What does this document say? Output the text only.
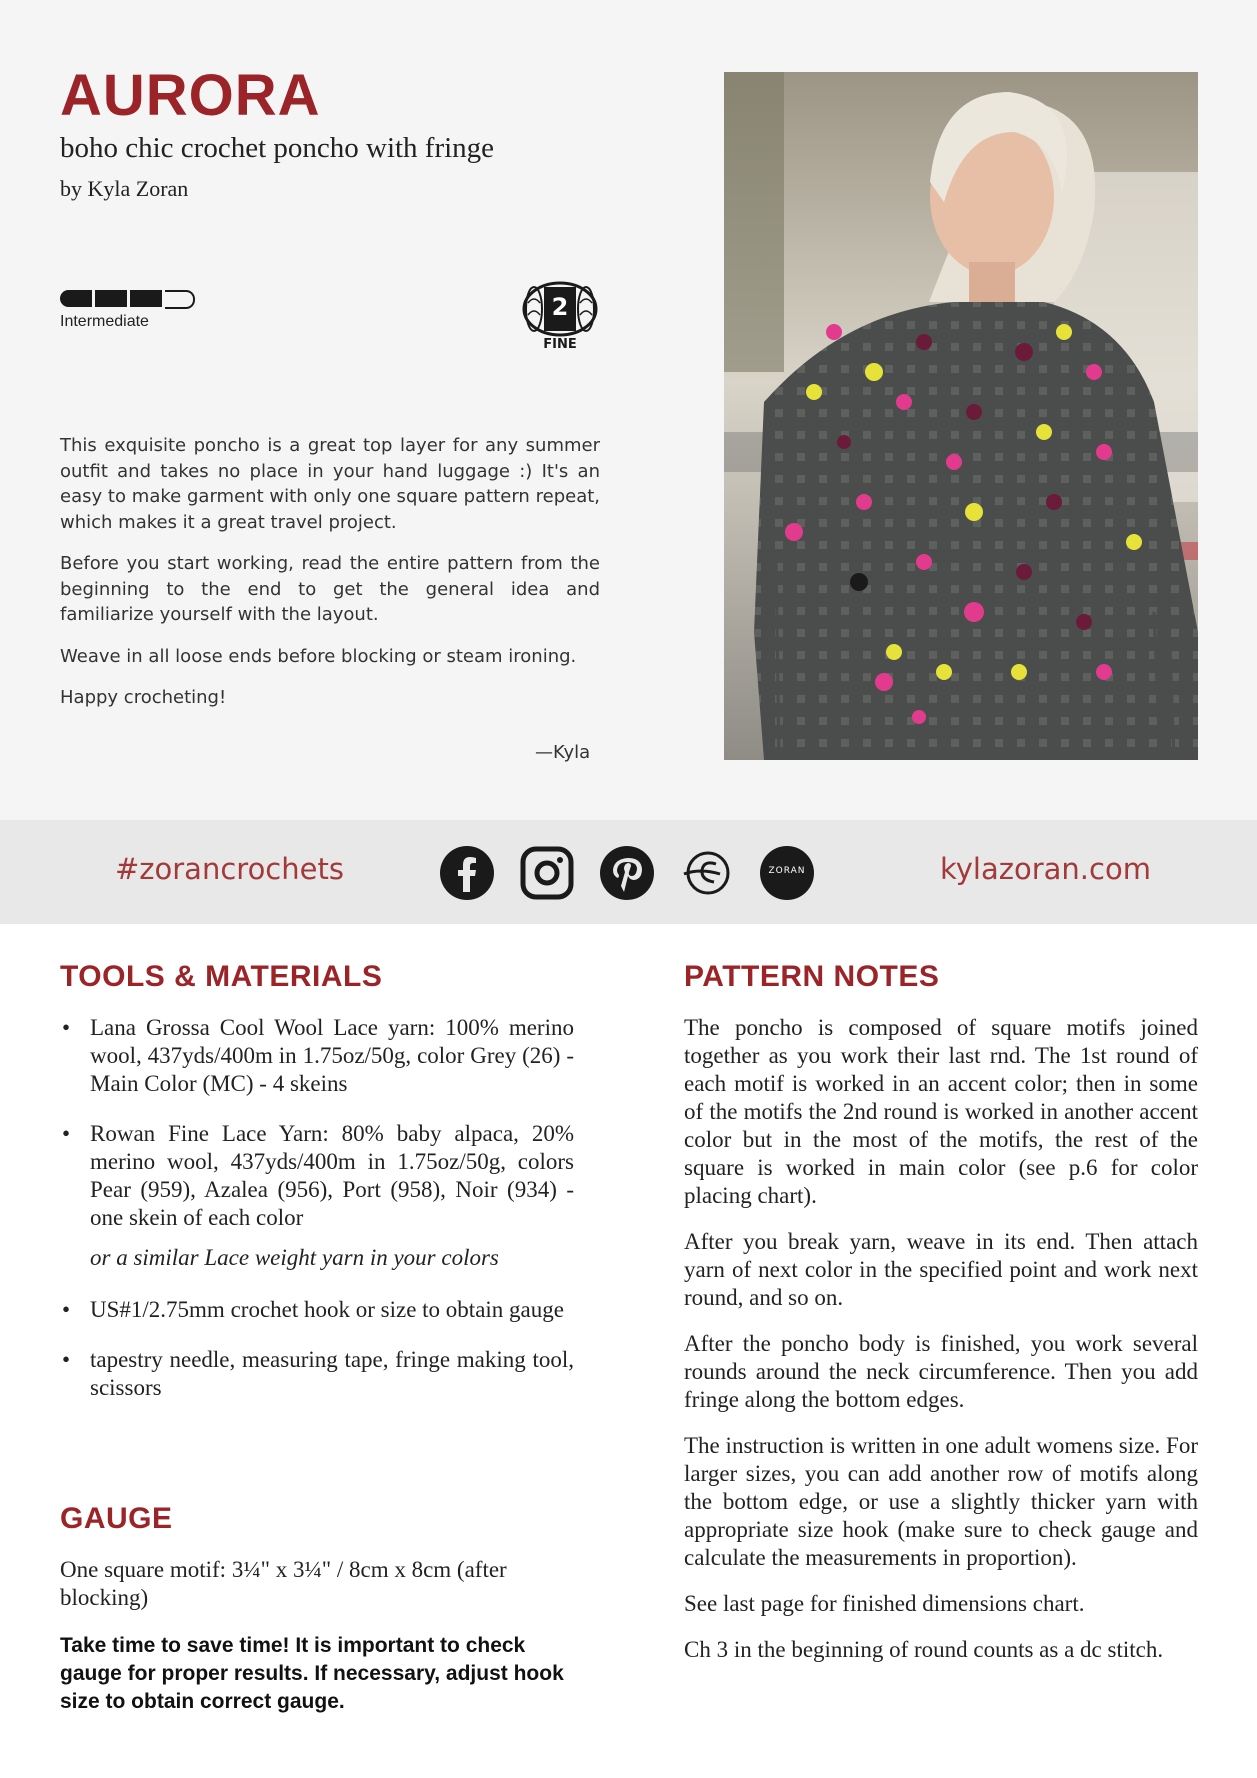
AURORA
boho chic crochet poncho with fringe
by Kyla Zoran
Intermediate
2
FINE

This exquisite poncho is a great top layer for any summer outfit and takes no place in your hand luggage :) It's an easy to make garment with only one square pattern repeat, which makes it a great travel project.

Before you start working, read the entire pattern from the beginning to the end to get the general idea and familiarize yourself with the layout.

Weave in all loose ends before blocking or steam ironing.

Happy crocheting!

—Kyla
#zorancrochets	ZORAN	kylazoran.com
TOOLS & MATERIALS
• Lana Grossa Cool Wool Lace yarn: 100% merino wool, 437yds/400m in 1.75oz/50g, color Grey (26) - Main Color (MC) - 4 skeins
• Rowan Fine Lace Yarn: 80% baby alpaca, 20% merino wool, 437yds/400m in 1.75oz/50g, colors Pear (959), Azalea (956), Port (958), Noir (934) - one skein of each color
or a similar Lace weight yarn in your colors
• US#1/2.75mm crochet hook or size to obtain gauge
• tapestry needle, measuring tape, fringe making tool, scissors
GAUGE
One square motif: 3¼" x 3¼" / 8cm x 8cm (after blocking)
Take time to save time! It is important to check gauge for proper results. If necessary, adjust hook size to obtain correct gauge.
PATTERN NOTES

The poncho is composed of square motifs joined together as you work their last rnd. The 1st round of each motif is worked in an accent color; then in some of the motifs the 2nd round is worked in another accent color but in the most of the motifs, the rest of the square is worked in main color (see p.6 for color placing chart).

After you break yarn, weave in its end. Then attach yarn of next color in the specified point and work next round, and so on.

After the poncho body is finished, you work several rounds around the neck circumference. Then you add fringe along the bottom edges.

The instruction is written in one adult womens size. For larger sizes, you can add another row of motifs along the bottom edge, or use a slightly thicker yarn with appropriate size hook (make sure to check gauge and calculate the measurements in proportion).

See last page for finished dimensions chart.

Ch 3 in the beginning of round counts as a dc stitch.
